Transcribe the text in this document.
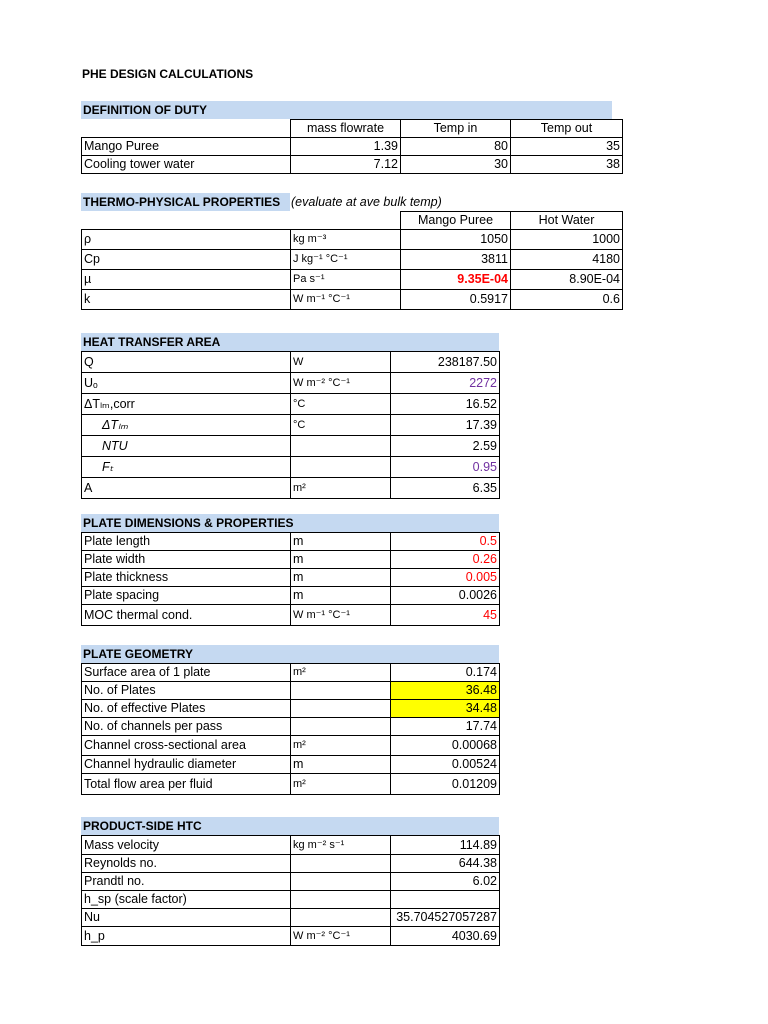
PHE DESIGN CALCULATIONS
DEFINITION OF DUTY
	mass flowrate	Temp in	Temp out
Mango Puree	1.39	80	35
Cooling tower water	7.12	30	38
THERMO-PHYSICAL PROPERTIES (evaluate at ave bulk temp)
		Mango Puree	Hot Water
ρ	kg m⁻³	1050	1000
Cp	J kg⁻¹ °C⁻¹	3811	4180
µ	Pa s⁻¹	9.35E-04	8.90E-04
k	W m⁻¹ °C⁻¹	0.5917	0.6
HEAT TRANSFER AREA
Q	W	238187.50
Uₒ	W m⁻² °C⁻¹	2272
ΔTₗₘ,corr	°C	16.52
ΔTₗₘ	°C	17.39
NTU		2.59
Fₜ		0.95
A	m²	6.35
PLATE DIMENSIONS & PROPERTIES
Plate length	m	0.5
Plate width	m	0.26
Plate thickness	m	0.005
Plate spacing	m	0.0026
MOC thermal cond.	W m⁻¹ °C⁻¹	45
PLATE GEOMETRY
Surface area of 1 plate	m²	0.174
No. of Plates		36.48
No. of effective Plates		34.48
No. of channels per pass		17.74
Channel cross-sectional area	m²	0.00068
Channel hydraulic diameter	m	0.00524
Total flow area per fluid	m²	0.01209
PRODUCT-SIDE HTC
Mass velocity	kg m⁻² s⁻¹	114.89
Reynolds no.		644.38
Prandtl no.		6.02
h_sp (scale factor)		
Nu		35.704527057287
h_p	W m⁻² °C⁻¹	4030.69
